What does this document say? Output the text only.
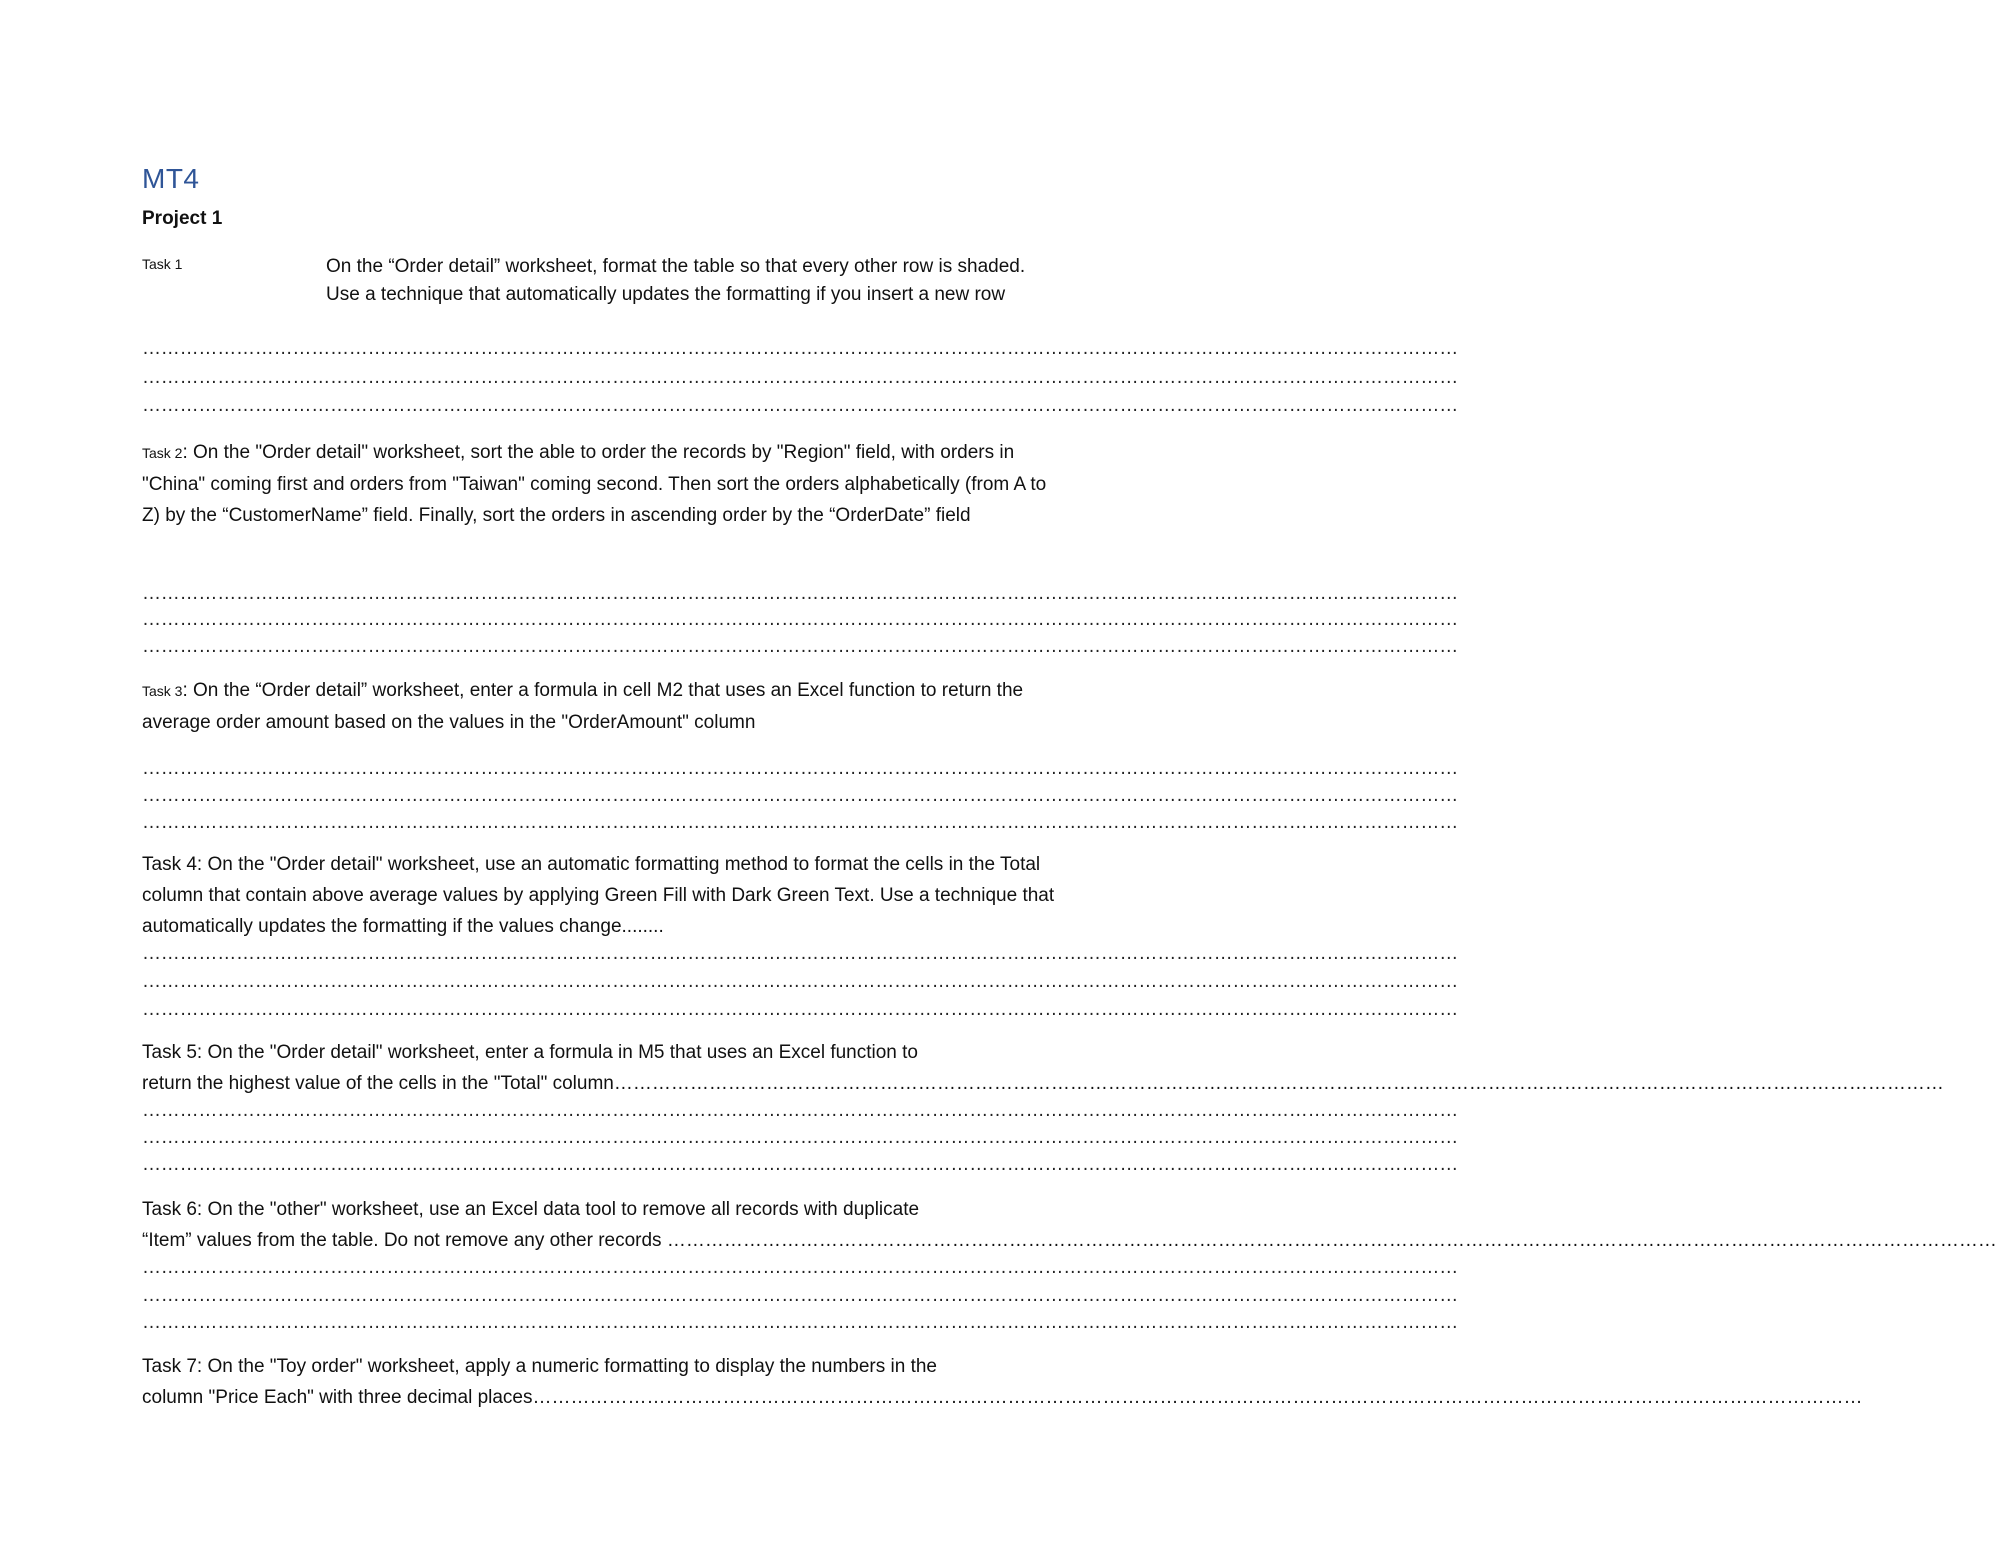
MT4
Project 1
Task 1	On the “Order detail” worksheet, format the table so that every other row is shaded. Use a technique that automatically updates the formatting if you insert a new row
…………………………………………………………………………………………………………………………………………………………………………………………
…………………………………………………………………………………………………………………………………………………………………………………………
…………………………………………………………………………………………………………………………………………………………………………………………
Task 2: On the "Order detail" worksheet, sort the able to order the records by "Region" field, with orders in "China" coming first and orders from "Taiwan" coming second. Then sort the orders alphabetically (from A to Z) by the “CustomerName” field. Finally, sort the orders in ascending order by the “OrderDate” field
…………………………………………………………………………………………………………………………………………………………………………………………
…………………………………………………………………………………………………………………………………………………………………………………………
…………………………………………………………………………………………………………………………………………………………………………………………
Task 3: On the “Order detail” worksheet, enter a formula in cell M2 that uses an Excel function to return the average order amount based on the values in the "OrderAmount" column
…………………………………………………………………………………………………………………………………………………………………………………………
…………………………………………………………………………………………………………………………………………………………………………………………
…………………………………………………………………………………………………………………………………………………………………………………………
Task 4: On the "Order detail" worksheet, use an automatic formatting method to format the cells in the Total column that contain above average values by applying Green Fill with Dark Green Text. Use a technique that automatically updates the formatting if the values change........
…………………………………………………………………………………………………………………………………………………………………………………………
…………………………………………………………………………………………………………………………………………………………………………………………
…………………………………………………………………………………………………………………………………………………………………………………………
Task 5: On the "Order detail" worksheet, enter a formula in M5 that uses an Excel function to
return the highest value of the cells in the "Total" column…………………………………………………………………………………………………………………………………………………………………………………………
…………………………………………………………………………………………………………………………………………………………………………………………
…………………………………………………………………………………………………………………………………………………………………………………………
…………………………………………………………………………………………………………………………………………………………………………………………
Task 6: On the "other" worksheet, use an Excel data tool to remove all records with duplicate
“Item” values from the table. Do not remove any other records …………………………………………………………………………………………………………………………………………………………………………………………
…………………………………………………………………………………………………………………………………………………………………………………………
…………………………………………………………………………………………………………………………………………………………………………………………
…………………………………………………………………………………………………………………………………………………………………………………………
Task 7: On the "Toy order" worksheet, apply a numeric formatting to display the numbers in the
column "Price Each" with three decimal places…………………………………………………………………………………………………………………………………………………………………………………………
